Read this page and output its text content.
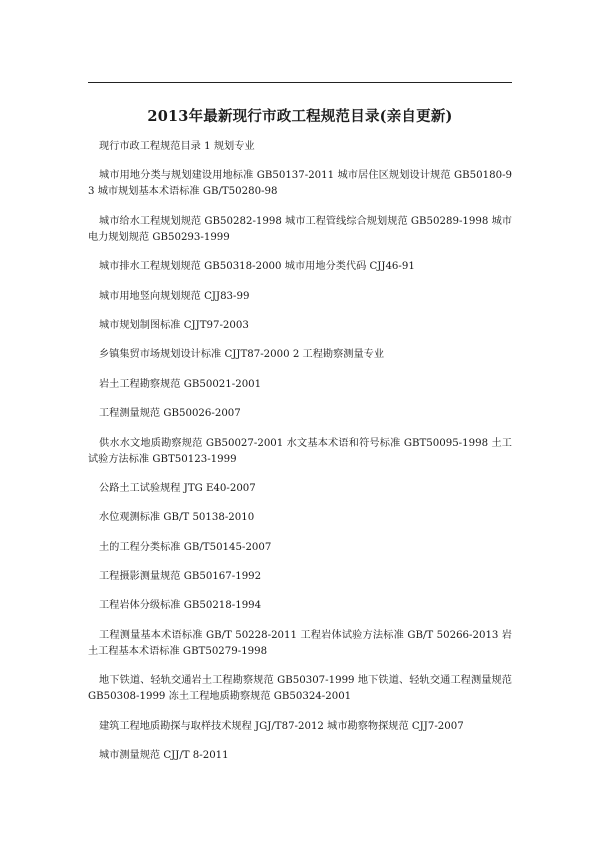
2013年最新现行市政工程规范目录(亲自更新)
现行市政工程规范目录 1 规划专业
城市用地分类与规划建设用地标准 GB50137-2011 城市居住区规划设计规范 GB50180-93 城市规划基本术语标准 GB/T50280-98
城市给水工程规划规范 GB50282-1998 城市工程管线综合规划规范 GB50289-1998 城市电力规划规范 GB50293-1999
城市排水工程规划规范 GB50318-2000 城市用地分类代码 CJJ46-91
城市用地竖向规划规范 CJJ83-99
城市规划制图标准 CJJT97-2003
乡镇集贸市场规划设计标准 CJJT87-2000 2 工程勘察测量专业
岩土工程勘察规范 GB50021-2001
工程测量规范 GB50026-2007
供水水文地质勘察规范 GB50027-2001 水文基本术语和符号标准 GBT50095-1998 土工试验方法标准 GBT50123-1999
公路土工试验规程 JTG E40-2007
水位观测标准 GB/T 50138-2010
土的工程分类标准 GB/T50145-2007
工程摄影测量规范 GB50167-1992
工程岩体分级标准 GB50218-1994
工程测量基本术语标准 GB/T 50228-2011 工程岩体试验方法标准 GB/T 50266-2013 岩土工程基本术语标准 GBT50279-1998
地下铁道、轻轨交通岩土工程勘察规范 GB50307-1999 地下铁道、轻轨交通工程测量规范 GB50308-1999 冻土工程地质勘察规范 GB50324-2001
建筑工程地质勘探与取样技术规程 JGJ/T87-2012 城市勘察物探规范 CJJ7-2007
城市测量规范 CJJ/T 8-2011
